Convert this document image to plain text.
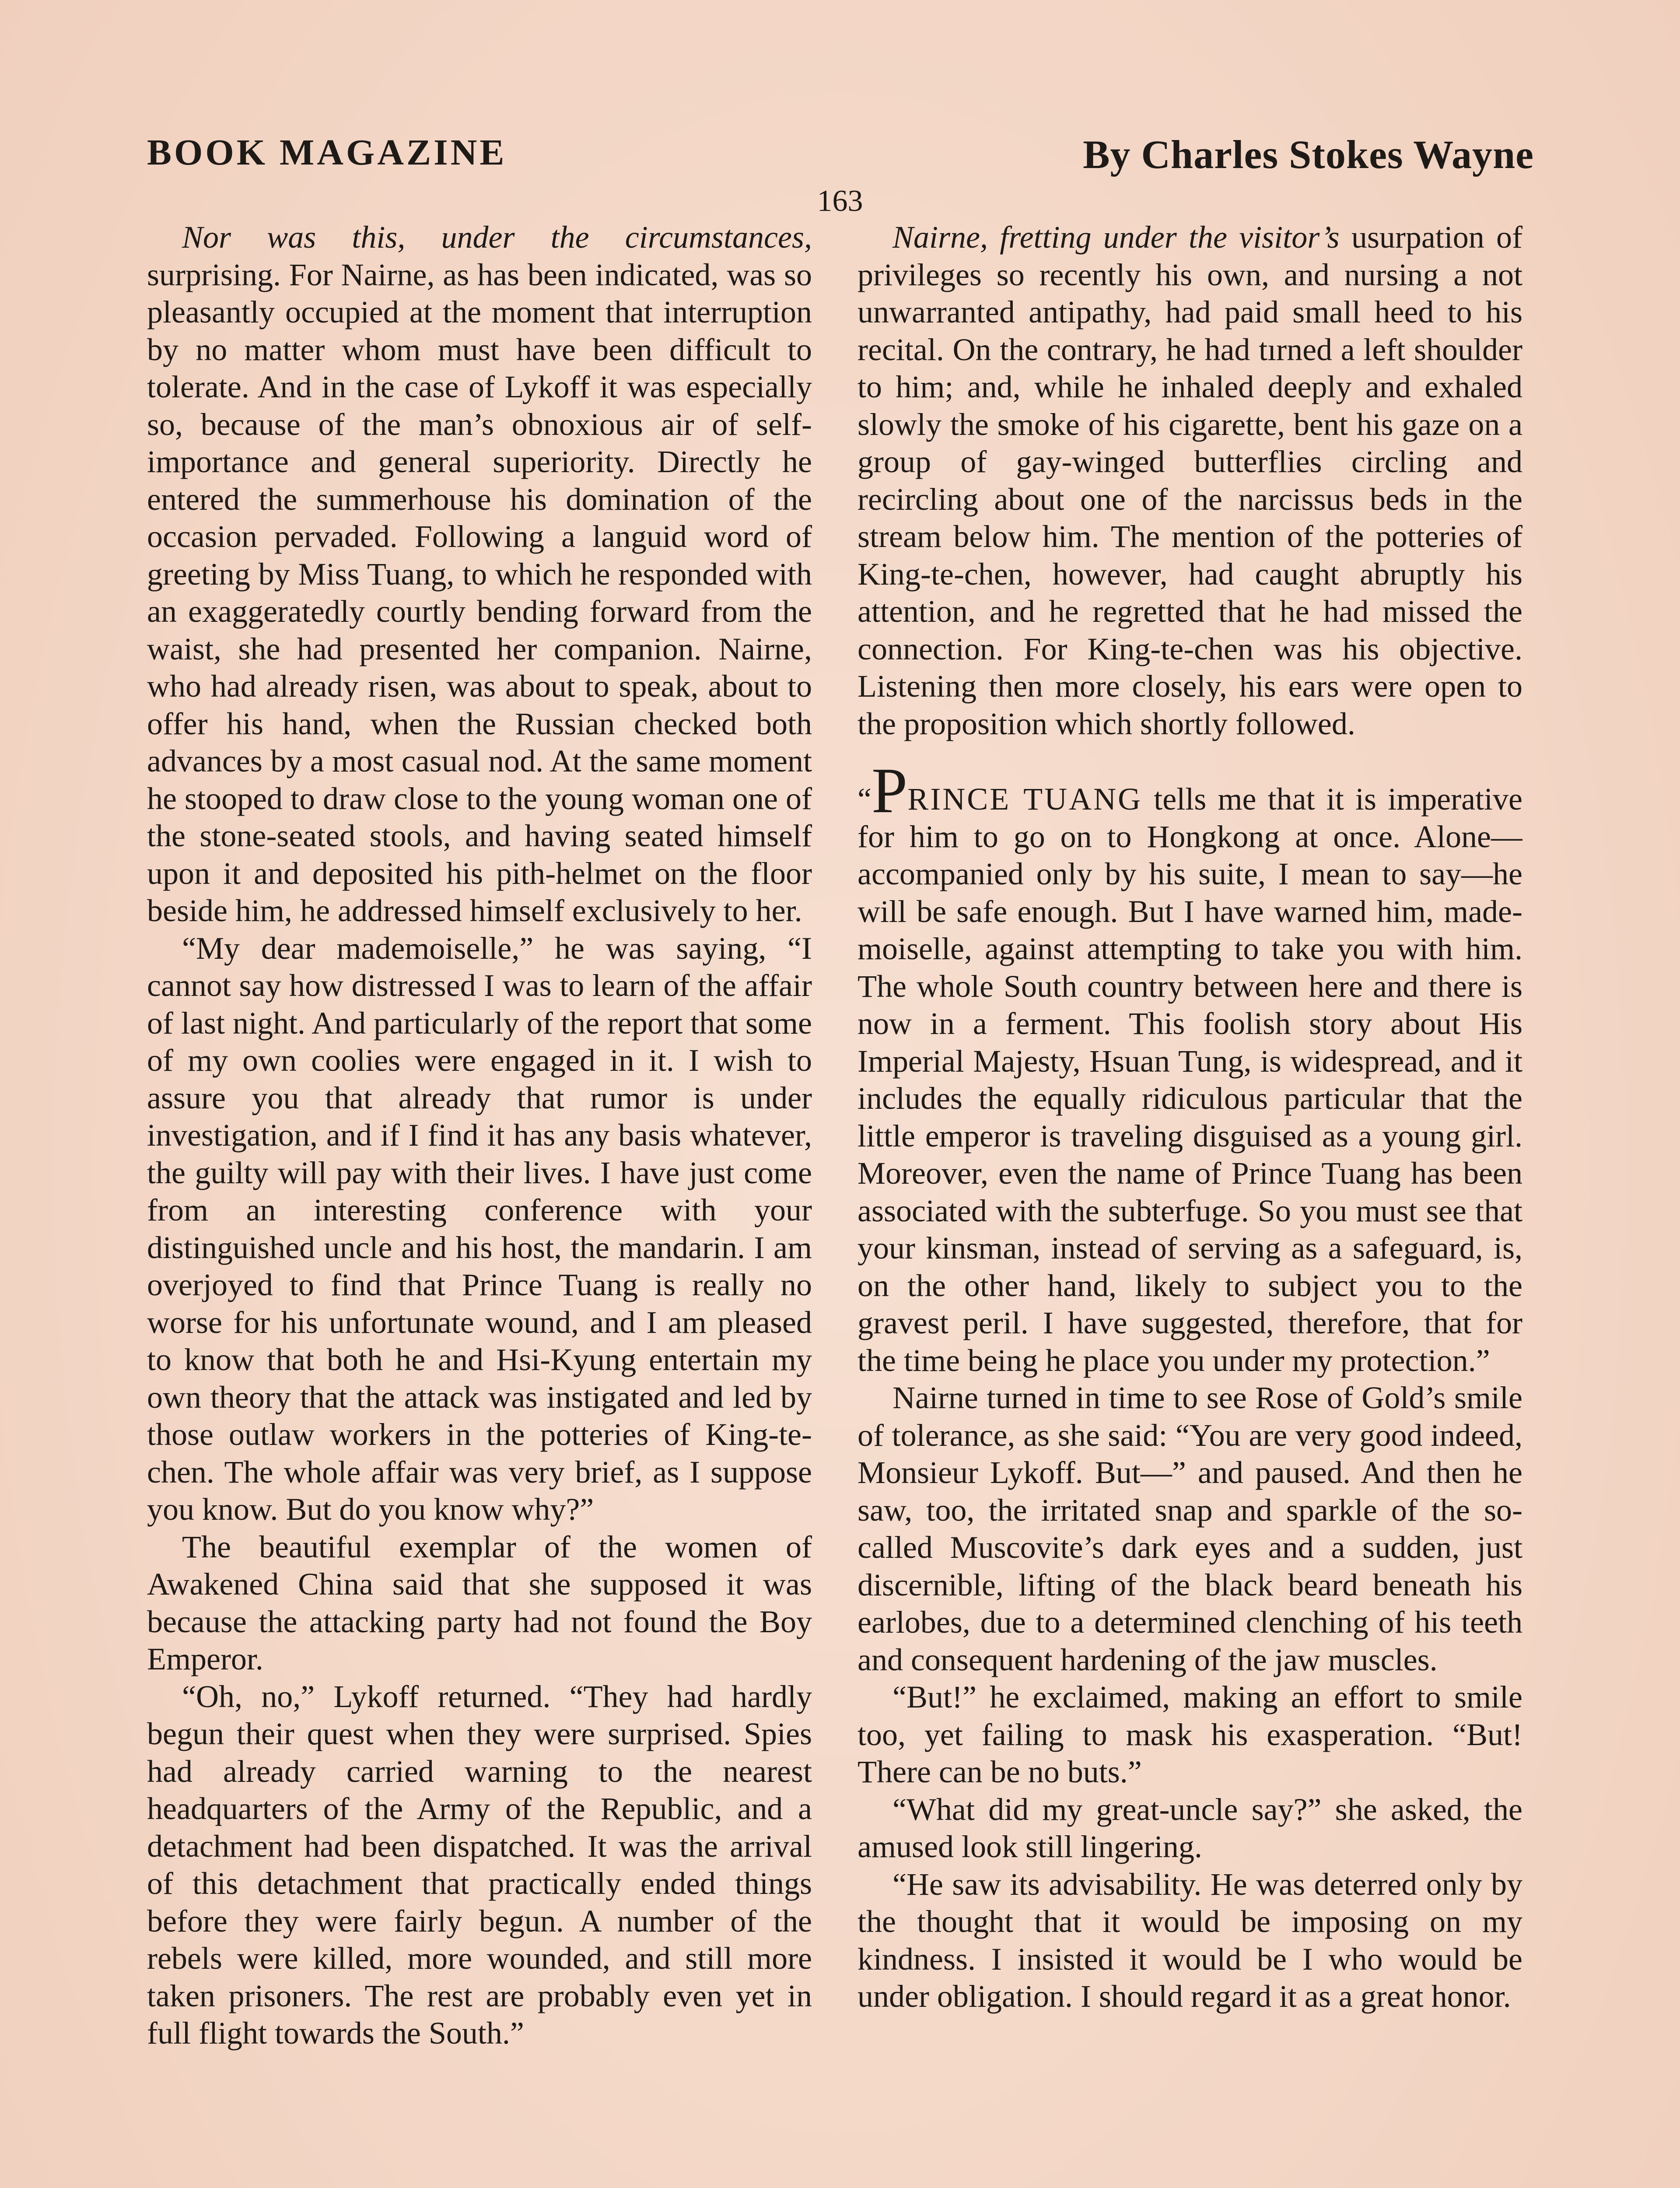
BOOK MAGAZINE	By Charles Stokes Wayne
163

Nor was this, under the circumstances, surprising. For Nairne, as has been indicated, was so pleasantly occupied at the moment that interruption by no matter whom must have been difficult to tolerate. And in the case of Lykoff it was especially so, because of the man’s obnoxious air of self-importance and general superiority. Directly he entered the summerhouse his domination of the occasion pervaded. Following a languid word of greeting by Miss Tuang, to which he responded with an exaggeratedly courtly bending forward from the waist, she had presented her companion. Nairne, who had already risen, was about to speak, about to offer his hand, when the Russian checked both advances by a most casual nod. At the same moment he stooped to draw close to the young woman one of the stone-seated stools, and having seated himself upon it and deposited his pith-helmet on the floor beside him, he addressed himself exclusively to her.

“My dear mademoiselle,” he was saying, “I cannot say how distressed I was to learn of the affair of last night. And particularly of the report that some of my own coolies were engaged in it. I wish to assure you that already that rumor is under investigation, and if I find it has any basis whatever, the guilty will pay with their lives. I have just come from an interesting conference with your distinguished uncle and his host, the mandarin. I am overjoyed to find that Prince Tuang is really no worse for his unfortunate wound, and I am pleased to know that both he and Hsi-Kyung entertain my own theory that the attack was instigated and led by those outlaw workers in the potteries of King-te-chen. The whole affair was very brief, as I suppose you know. But do you know why?”

The beautiful exemplar of the women of Awakened China said that she supposed it was because the attacking party had not found the Boy Emperor.

“Oh, no,” Lykoff returned. “They had hardly begun their quest when they were surprised. Spies had already carried warning to the nearest headquarters of the Army of the Republic, and a detachment had been dispatched. It was the arrival of this detachment that practically ended things before they were fairly begun. A number of the rebels were killed, more wounded, and still more taken prisoners. The rest are probably even yet in full flight towards the South.”

Nairne, fretting under the visitor’s usurpation of privileges so recently his own, and nursing a not unwarranted antipathy, had paid small heed to his recital. On the contrary, he had tırned a left shoulder to him; and, while he inhaled deeply and exhaled slowly the smoke of his cigarette, bent his gaze on a group of gay-winged butterflies circling and recircling about one of the narcissus beds in the stream below him. The mention of the potteries of King-te-chen, however, had caught abruptly his attention, and he regretted that he had missed the connection. For King-te-chen was his objective. Listening then more closely, his ears were open to the proposition which shortly followed.

“PRINCE TUANG tells me that it is imperative for him to go on to Hongkong at once. Alone—accompanied only by his suite, I mean to say—he will be safe enough. But I have warned him, mademoiselle, against attempting to take you with him. The whole South country between here and there is now in a ferment. This foolish story about His Imperial Majesty, Hsuan Tung, is widespread, and it includes the equally ridiculous particular that the little emperor is traveling disguised as a young girl. Moreover, even the name of Prince Tuang has been associated with the subterfuge. So you must see that your kinsman, instead of serving as a safeguard, is, on the other hand, likely to subject you to the gravest peril. I have suggested, therefore, that for the time being he place you under my protection.”

Nairne turned in time to see Rose of Gold’s smile of tolerance, as she said: “You are very good indeed, Monsieur Lykoff. But—” and paused. And then he saw, too, the irritated snap and sparkle of the so-called Muscovite’s dark eyes and a sudden, just discernible, lifting of the black beard beneath his earlobes, due to a determined clenching of his teeth and consequent hardening of the jaw muscles.

“But!” he exclaimed, making an effort to smile too, yet failing to mask his exasperation. “But! There can be no buts.”

“What did my great-uncle say?” she asked, the amused look still lingering.

“He saw its advisability. He was deterred only by the thought that it would be imposing on my kindness. I insisted it would be I who would be under obligation. I should regard it as a great honor.
